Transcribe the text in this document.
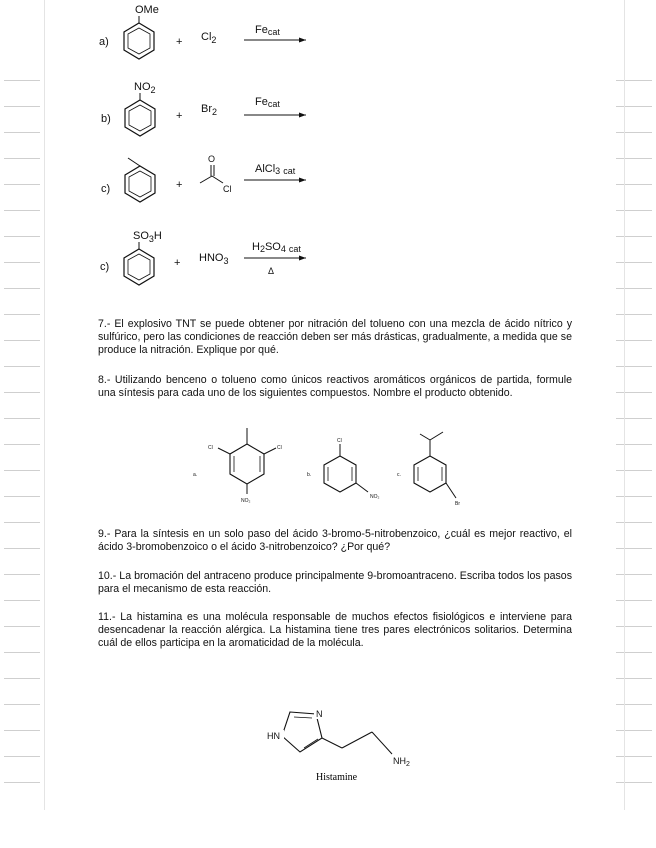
a)
OMe
+ $Cl_2$
Fecat
b)
$NO_2$
+
$Br_2$
Fecat
c)	+
O
Cl
AlCl3 cat
c)
$SO_3H$
+ $HNO_3$
H2SO4 cat
Δ

7.- El explosivo TNT se puede obtener por nitración del tolueno con una mezcla de ácido nítrico y sulfúrico, pero las condiciones de reacción deben ser más drásticas, gradualmente, a medida que se produce la nitración. Explique por qué.

8.- Utilizando benceno o tolueno como únicos reactivos aromáticos orgánicos de partida, formule una síntesis para cada uno de los siguientes compuestos. Nombre el producto obtenido.

a.
Cl	Cl
NO₂
b.
Cl
NO₂
c.
Br

9.- Para la síntesis en un solo paso del ácido 3-bromo-5-nitrobenzoico, ¿cuál es mejor reactivo, el ácido 3-bromobenzoico o el ácido 3-nitrobenzoico? ¿Por qué?

10.- La bromación del antraceno produce principalmente 9-bromoantraceno. Escriba todos los pasos para el mecanismo de esta reacción.

11.- La histamina es una molécula responsable de muchos efectos fisiológicos e interviene para desencadenar la reacción alérgica. La histamina tiene tres pares electrónicos solitarios. Determina cuál de ellos participa en la aromaticidad de la molécula.

N
HN
$NH_2$
Histamine
